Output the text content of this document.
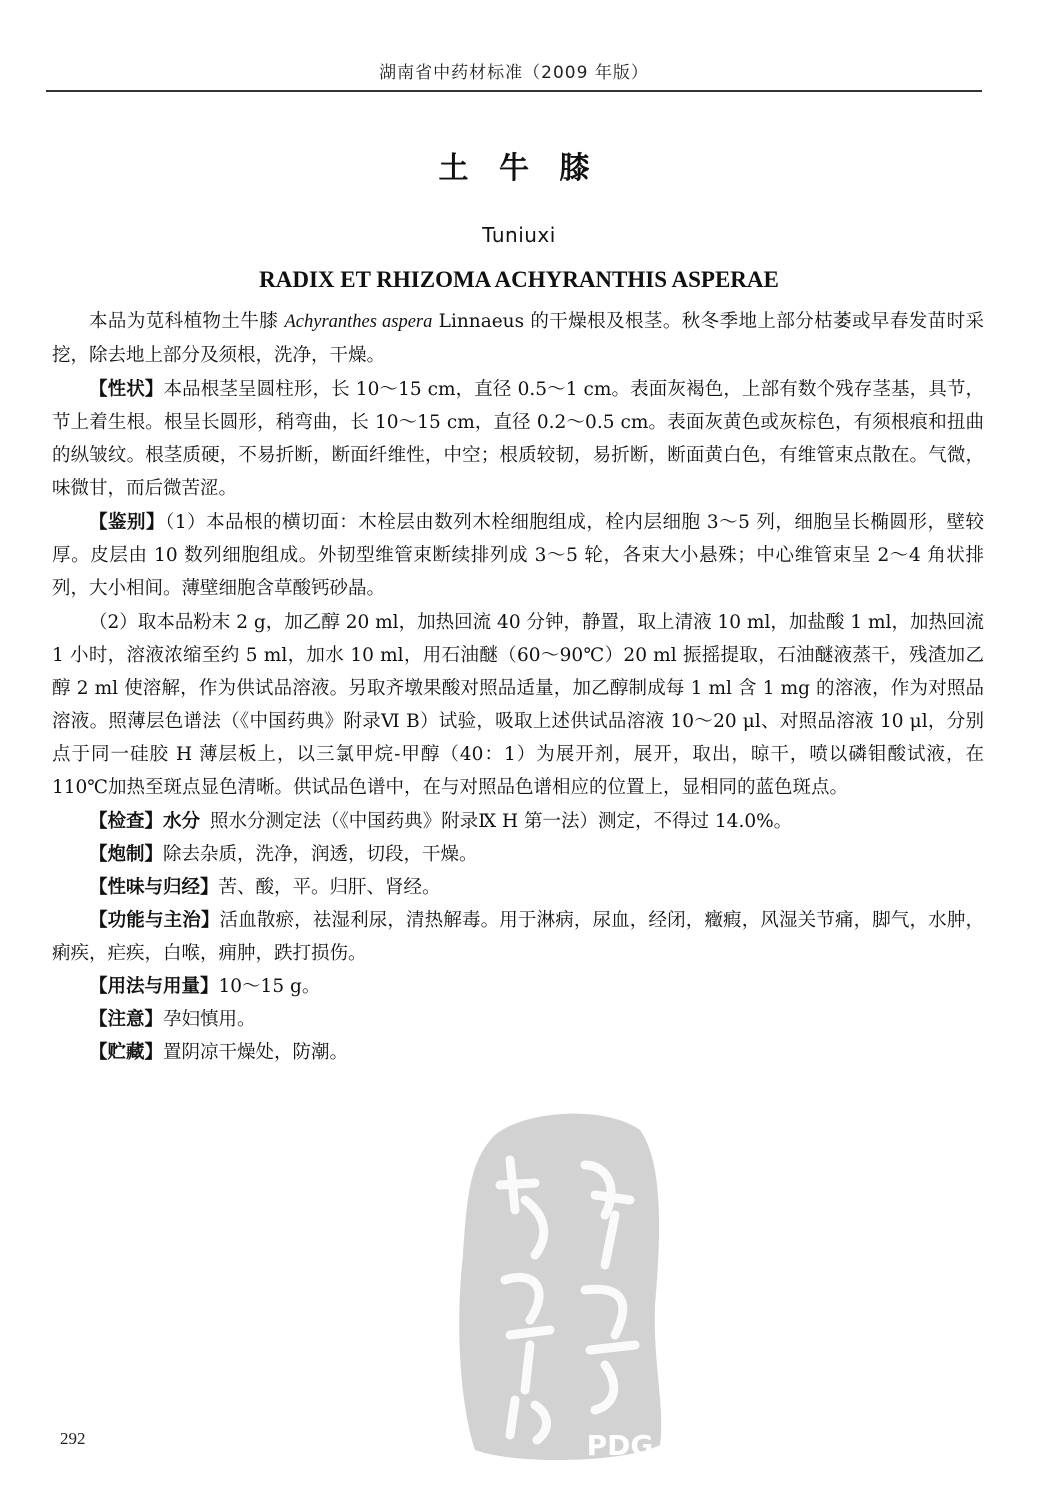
湖南省中药材标准（2009 年版）
土 牛 膝
Tuniuxi
RADIX ET RHIZOMA ACHYRANTHIS ASPERAE

本品为苋科植物土牛膝 Achyranthes aspera Linnaeus 的干燥根及根茎。秋冬季地上部分枯萎或早春发苗时采挖，除去地上部分及须根，洗净，干燥。

【性状】本品根茎呈圆柱形，长 10～15 cm，直径 0.5～1 cm。表面灰褐色，上部有数个残存茎基，具节，节上着生根。根呈长圆形，稍弯曲，长 10～15 cm，直径 0.2～0.5 cm。表面灰黄色或灰棕色，有须根痕和扭曲的纵皱纹。根茎质硬，不易折断，断面纤维性，中空；根质较韧，易折断，断面黄白色，有维管束点散在。气微，味微甘，而后微苦涩。

【鉴别】（1）本品根的横切面：木栓层由数列木栓细胞组成，栓内层细胞 3～5 列，细胞呈长椭圆形，壁较厚。皮层由 10 数列细胞组成。外韧型维管束断续排列成 3～5 轮，各束大小悬殊；中心维管束呈 2～4 角状排列，大小相间。薄壁细胞含草酸钙砂晶。

（2）取本品粉末 2 g，加乙醇 20 ml，加热回流 40 分钟，静置，取上清液 10 ml，加盐酸 1 ml，加热回流 1 小时，溶液浓缩至约 5 ml，加水 10 ml，用石油醚（60～90℃）20 ml 振摇提取，石油醚液蒸干，残渣加乙醇 2 ml 使溶解，作为供试品溶液。另取齐墩果酸对照品适量，加乙醇制成每 1 ml 含 1 mg 的溶液，作为对照品溶液。照薄层色谱法（《中国药典》附录Ⅵ B）试验，吸取上述供试品溶液 10～20 μl、对照品溶液 10 μl，分别点于同一硅胶 H 薄层板上，以三氯甲烷-甲醇（40：1）为展开剂，展开，取出，晾干，喷以磷钼酸试液，在 110℃加热至斑点显色清晰。供试品色谱中，在与对照品色谱相应的位置上，显相同的蓝色斑点。

【检查】水分 照水分测定法（《中国药典》附录Ⅸ H 第一法）测定，不得过 14.0%。

【炮制】除去杂质，洗净，润透，切段，干燥。

【性味与归经】苦、酸，平。归肝、肾经。

【功能与主治】活血散瘀，祛湿利尿，清热解毒。用于淋病，尿血，经闭，癥瘕，风湿关节痛，脚气，水肿，痢疾，疟疾，白喉，痈肿，跌打损伤。

【用法与用量】10～15 g。

【注意】孕妇慎用。

【贮藏】置阴凉干燥处，防潮。

PDG
292
